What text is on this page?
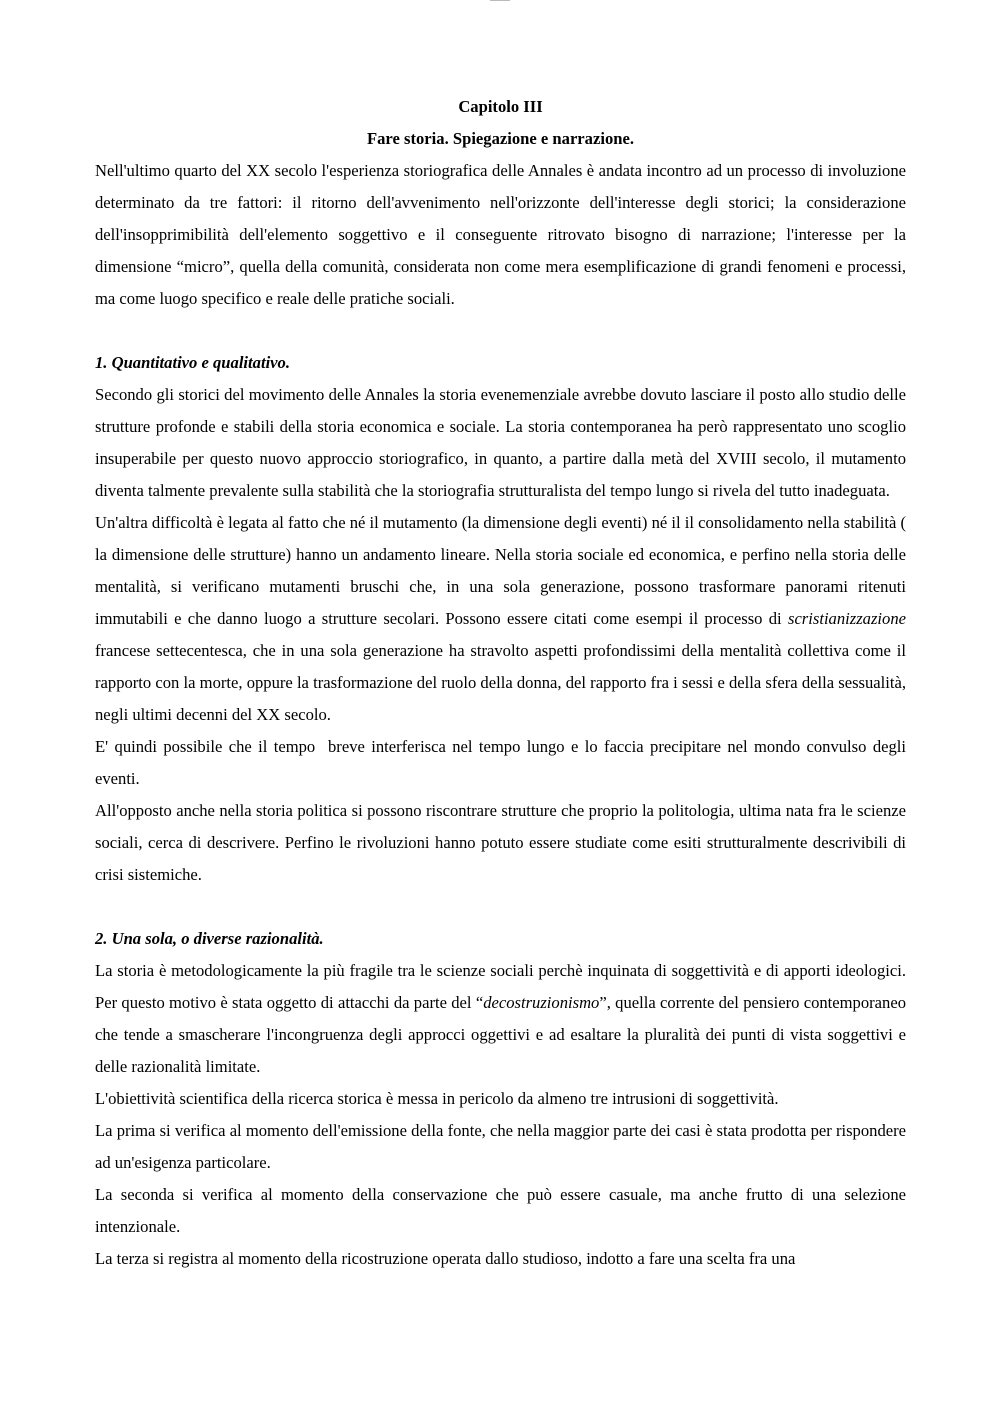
Capitolo III

Fare storia. Spiegazione e narrazione.

Nell'ultimo quarto del XX secolo l'esperienza storiografica delle Annales è andata incontro ad un processo di involuzione determinato da tre fattori: il ritorno dell'avvenimento nell'orizzonte dell'interesse degli storici; la considerazione dell'insopprimibilità dell'elemento soggettivo e il conseguente ritrovato bisogno di narrazione; l'interesse per la dimensione “micro”, quella della comunità, considerata non come mera esemplificazione di grandi fenomeni e processi, ma come luogo specifico e reale delle pratiche sociali.

1. Quantitativo e qualitativo.

Secondo gli storici del movimento delle Annales la storia evenemenziale avrebbe dovuto lasciare il posto allo studio delle strutture profonde e stabili della storia economica e sociale. La storia contemporanea ha però rappresentato uno scoglio insuperabile per questo nuovo approccio storiografico, in quanto, a partire dalla metà del XVIII secolo, il mutamento diventa talmente prevalente sulla stabilità che la storiografia strutturalista del tempo lungo si rivela del tutto inadeguata.

Un'altra difficoltà è legata al fatto che né il mutamento (la dimensione degli eventi) né il il consolidamento nella stabilità ( la dimensione delle strutture) hanno un andamento lineare. Nella storia sociale ed economica, e perfino nella storia delle mentalità, si verificano mutamenti bruschi che, in una sola generazione, possono trasformare panorami ritenuti immutabili e che danno luogo a strutture secolari. Possono essere citati come esempi il processo di scristianizzazione francese settecentesca, che in una sola generazione ha stravolto aspetti profondissimi della mentalità collettiva come il rapporto con la morte, oppure la trasformazione del ruolo della donna, del rapporto fra i sessi e della sfera della sessualità, negli ultimi decenni del XX secolo.

E' quindi possibile che il tempo  breve interferisca nel tempo lungo e lo faccia precipitare nel mondo convulso degli eventi.

All'opposto anche nella storia politica si possono riscontrare strutture che proprio la politologia, ultima nata fra le scienze sociali, cerca di descrivere. Perfino le rivoluzioni hanno potuto essere studiate come esiti strutturalmente descrivibili di crisi sistemiche.

2. Una sola, o diverse razionalità.

La storia è metodologicamente la più fragile tra le scienze sociali perchè inquinata di soggettività e di apporti ideologici. Per questo motivo è stata oggetto di attacchi da parte del “decostruzionismo”, quella corrente del pensiero contemporaneo che tende a smascherare l'incongruenza degli approcci oggettivi e ad esaltare la pluralità dei punti di vista soggettivi e delle razionalità limitate.

L'obiettività scientifica della ricerca storica è messa in pericolo da almeno tre intrusioni di soggettività.

La prima si verifica al momento dell'emissione della fonte, che nella maggior parte dei casi è stata prodotta per rispondere ad un'esigenza particolare.

La seconda si verifica al momento della conservazione che può essere casuale, ma anche frutto di una selezione intenzionale.

La terza si registra al momento della ricostruzione operata dallo studioso, indotto a fare una scelta fra una
